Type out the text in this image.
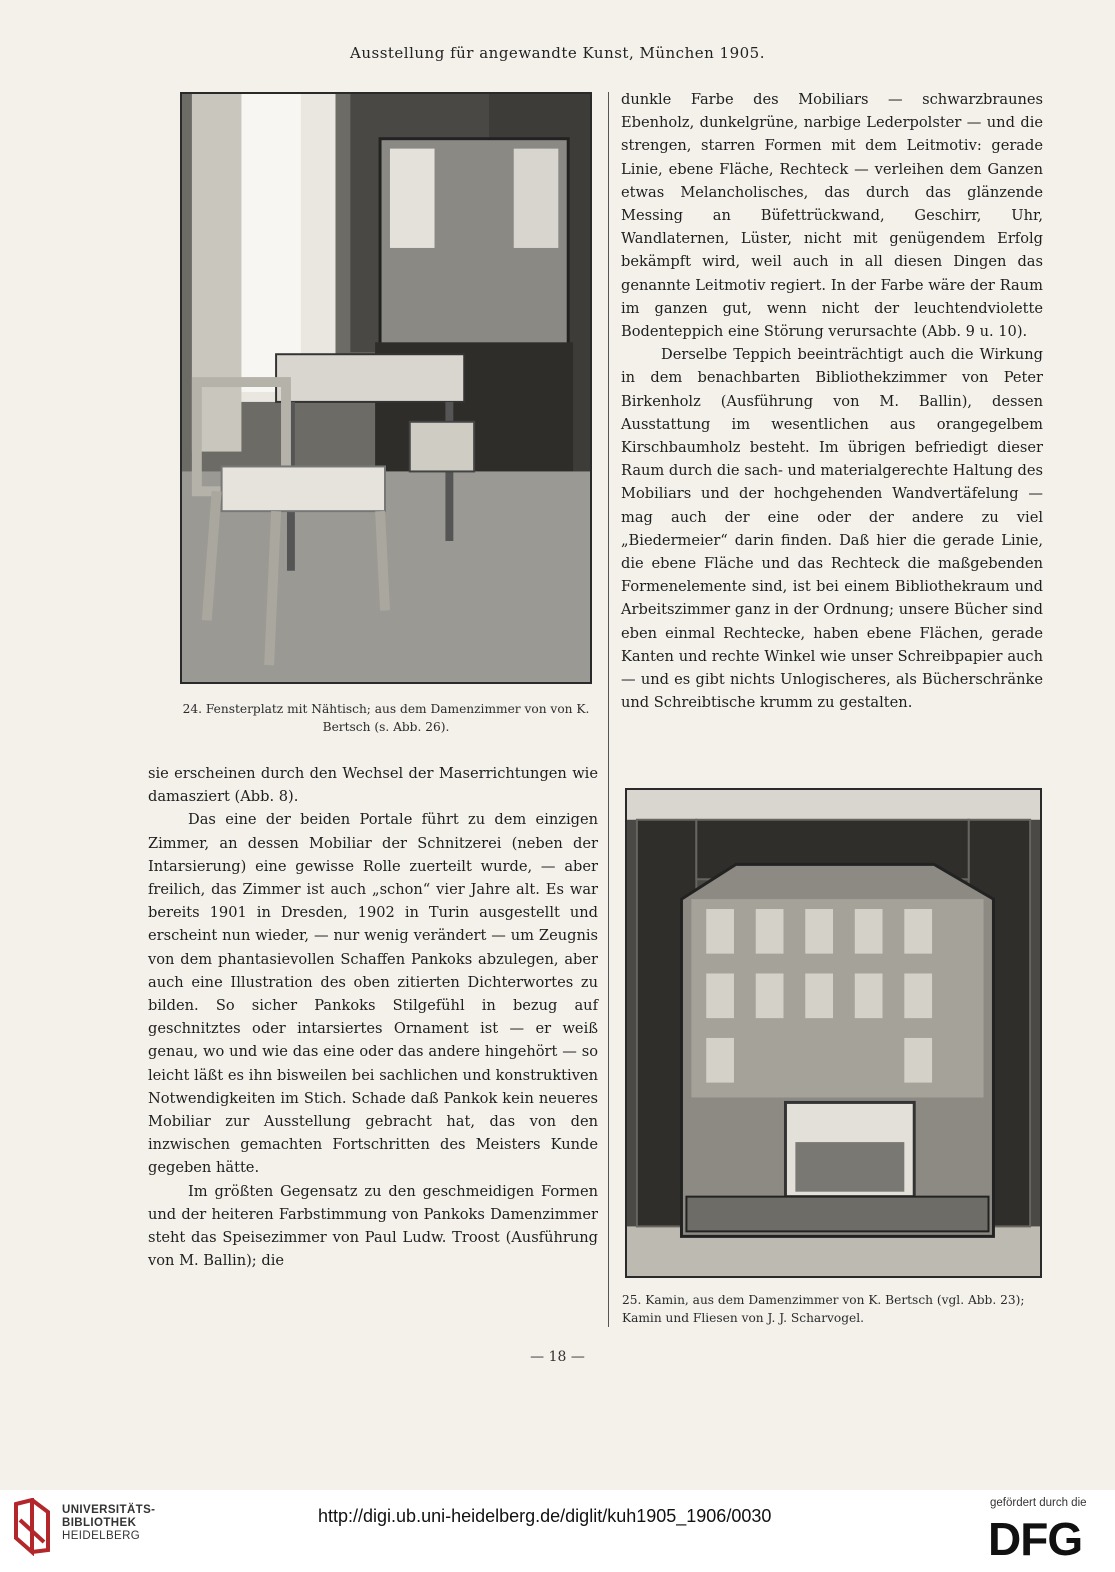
Ausstellung für angewandte Kunst, München 1905.
24. Fensterplatz mit Nähtisch; aus dem Damenzimmer von von K. Bertsch (s. Abb. 26).

sie erscheinen durch den Wechsel der Maserrichtungen wie damasziert (Abb. 8).

Das eine der beiden Portale führt zu dem einzigen Zimmer, an dessen Mobiliar der Schnitzerei (neben der Intarsierung) eine gewisse Rolle zuerteilt wurde, — aber freilich, das Zimmer ist auch „schon“ vier Jahre alt. Es war bereits 1901 in Dresden, 1902 in Turin ausgestellt und erscheint nun wieder, — nur wenig verändert — um Zeugnis von dem phantasievollen Schaffen Pankoks abzulegen, aber auch eine Illustration des oben zitierten Dichterwortes zu bilden. So sicher Pankoks Stilgefühl in bezug auf geschnitztes oder intarsiertes Ornament ist — er weiß genau, wo und wie das eine oder das andere hingehört — so leicht läßt es ihn bisweilen bei sachlichen und konstruktiven Notwendigkeiten im Stich. Schade daß Pankok kein neueres Mobiliar zur Ausstellung gebracht hat, das von den inzwischen gemachten Fortschritten des Meisters Kunde gegeben hätte.

Im größten Gegensatz zu den geschmeidigen Formen und der heiteren Farbstimmung von Pankoks Damenzimmer steht das Speisezimmer von Paul Ludw. Troost (Ausführung von M. Ballin); die

dunkle Farbe des Mobiliars — schwarzbraunes Ebenholz, dunkelgrüne, narbige Lederpolster — und die strengen, starren Formen mit dem Leitmotiv: gerade Linie, ebene Fläche, Rechteck — verleihen dem Ganzen etwas Melancholisches, das durch das glänzende Messing an Büfettrückwand, Geschirr, Uhr, Wandlaternen, Lüster, nicht mit genügendem Erfolg bekämpft wird, weil auch in all diesen Dingen das genannte Leitmotiv regiert. In der Farbe wäre der Raum im ganzen gut, wenn nicht der leuchtendviolette Bodenteppich eine Störung verursachte (Abb. 9 u. 10).

Derselbe Teppich beeinträchtigt auch die Wirkung in dem benachbarten Bibliothekzimmer von Peter Birkenholz (Ausführung von M. Ballin), dessen Ausstattung im wesentlichen aus orangegelbem Kirschbaumholz besteht. Im übrigen befriedigt dieser Raum durch die sach- und materialgerechte Haltung des Mobiliars und der hochgehenden Wandvertäfelung — mag auch der eine oder der andere zu viel „Biedermeier“ darin finden. Daß hier die gerade Linie, die ebene Fläche und das Rechteck die maßgebenden Formenelemente sind, ist bei einem Bibliothekraum und Arbeitszimmer ganz in der Ordnung; unsere Bücher sind eben einmal Rechtecke, haben ebene Flächen, gerade Kanten und rechte Winkel wie unser Schreibpapier auch — und es gibt nichts Unlogischeres, als Bücherschränke und Schreibtische krumm zu gestalten.

25. Kamin, aus dem Damenzimmer von K. Bertsch (vgl. Abb. 23); Kamin und Fliesen von J. J. Scharvogel.
— 18 —
UNIVERSITÄTS-
BIBLIOTHEK
HEIDELBERG
http://digi.ub.uni-heidelberg.de/diglit/kuh1905_1906/0030
gefördert durch die
DFG
